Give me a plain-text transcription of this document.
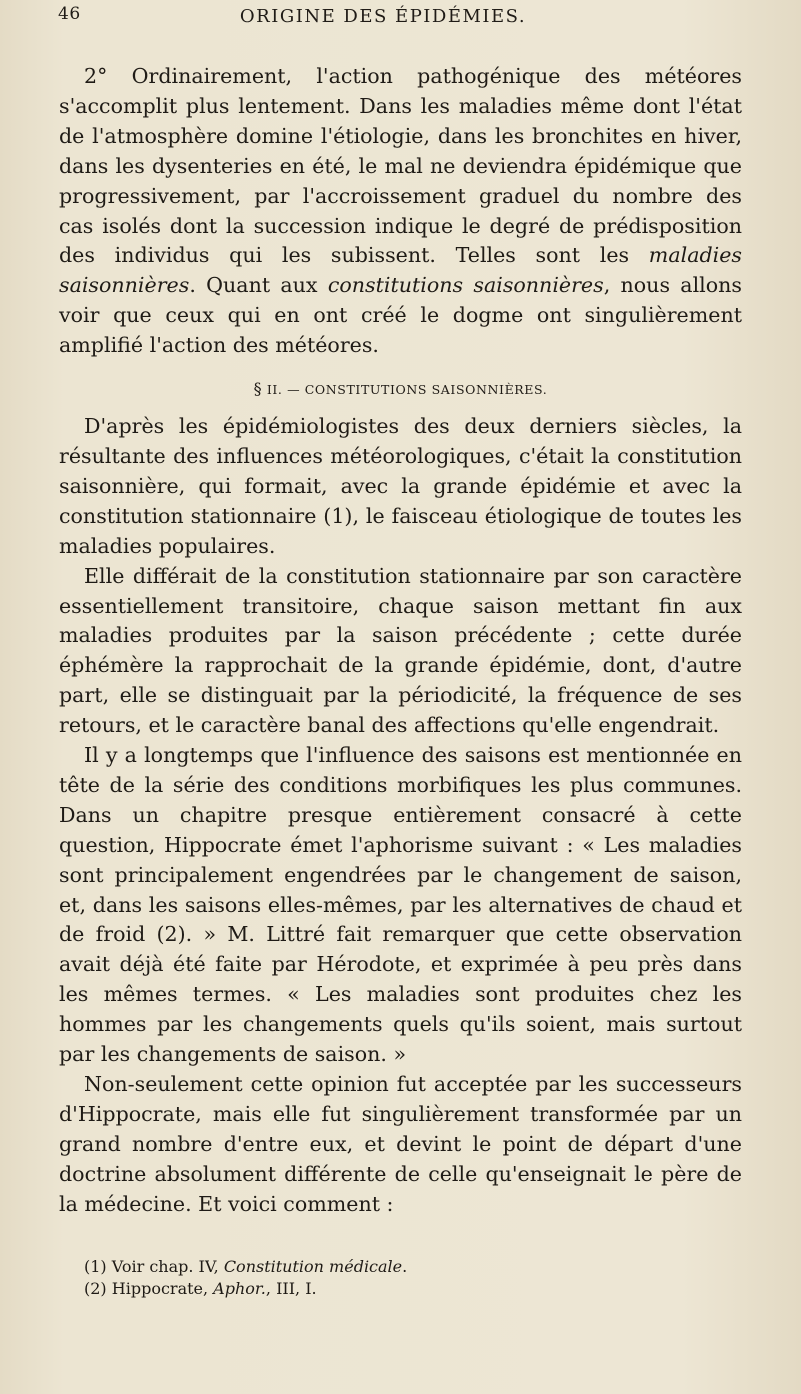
46	ORIGINE DES ÉPIDÉMIES.

2° Ordinairement, l'action pathogénique des météores s'accomplit plus lentement. Dans les maladies même dont l'état de l'atmosphère domine l'étiologie, dans les bronchites en hiver, dans les dysenteries en été, le mal ne deviendra épidémique que progressivement, par l'accroissement graduel du nombre des cas isolés dont la succession indique le degré de prédisposition des individus qui les subissent. Telles sont les maladies saisonnières. Quant aux constitutions saisonnières, nous allons voir que ceux qui en ont créé le dogme ont singulièrement amplifié l'action des météores.

§ II. — CONSTITUTIONS SAISONNIÈRES.

D'après les épidémiologistes des deux derniers siècles, la résultante des influences météorologiques, c'était la constitution saisonnière, qui formait, avec la grande épidémie et avec la constitution stationnaire (1), le faisceau étiologique de toutes les maladies populaires.

Elle différait de la constitution stationnaire par son caractère essentiellement transitoire, chaque saison mettant fin aux maladies produites par la saison précédente ; cette durée éphémère la rapprochait de la grande épidémie, dont, d'autre part, elle se distinguait par la périodicité, la fréquence de ses retours, et le caractère banal des affections qu'elle engendrait.

Il y a longtemps que l'influence des saisons est mentionnée en tête de la série des conditions morbifiques les plus communes. Dans un chapitre presque entièrement consacré à cette question, Hippocrate émet l'aphorisme suivant : « Les maladies sont principalement engendrées par le changement de saison, et, dans les saisons elles-mêmes, par les alternatives de chaud et de froid (2). » M. Littré fait remarquer que cette observation avait déjà été faite par Hérodote, et exprimée à peu près dans les mêmes termes. « Les maladies sont produites chez les hommes par les changements quels qu'ils soient, mais surtout par les changements de saison. »

Non-seulement cette opinion fut acceptée par les successeurs d'Hippocrate, mais elle fut singulièrement transformée par un grand nombre d'entre eux, et devint le point de départ d'une doctrine absolument différente de celle qu'enseignait le père de la médecine. Et voici comment :

(1) Voir chap. IV, Constitution médicale.

(2) Hippocrate, Aphor., III, I.
